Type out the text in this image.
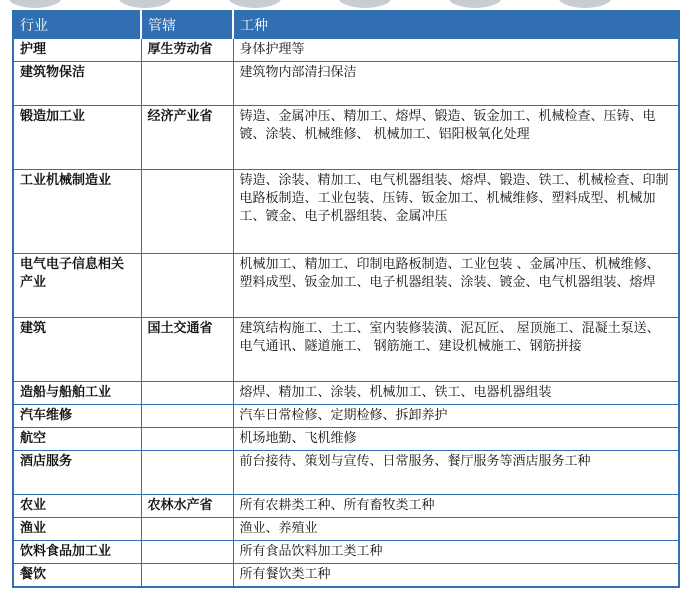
行业	管辖	工种
护理	厚生劳动省	身体护理等
建筑物保洁		建筑物内部清扫保洁
锻造加工业	经济产业省	铸造、金属冲压、精加工、熔焊、锻造、钣金加工、机械检查、压铸、电镀、涂装、机械维修、 机械加工、铝阳极氧化处理
工业机械制造业		铸造、涂装、精加工、电气机器组装、熔焊、锻造、铁工、机械检查、印制电路板制造、工业包装、压铸、钣金加工、机械维修、塑料成型、机械加工、镀金、电子机器组装、金属冲压
电气电子信息相关产业		机械加工、精加工、印制电路板制造、工业包装 、金属冲压、机械维修、塑料成型、钣金加工、电子机器组装、涂装、镀金、电气机器组装、熔焊
建筑	国土交通省	建筑结构施工、土工、室内装修装潢、泥瓦匠、 屋顶施工、混凝土泵送、电气通讯、隧道施工、 钢筋施工、建设机械施工、钢筋拼接
造船与船舶工业		熔焊、精加工、涂装、机械加工、铁工、电器机器组装
汽车维修		汽车日常检修、定期检修、拆卸养护
航空		机场地勤、飞机维修
酒店服务		前台接待、策划与宣传、日常服务、餐厅服务等酒店服务工种
农业	农林水产省	所有农耕类工种、所有畜牧类工种
渔业		渔业、养殖业
饮料食品加工业		所有食品饮料加工类工种
餐饮		所有餐饮类工种
